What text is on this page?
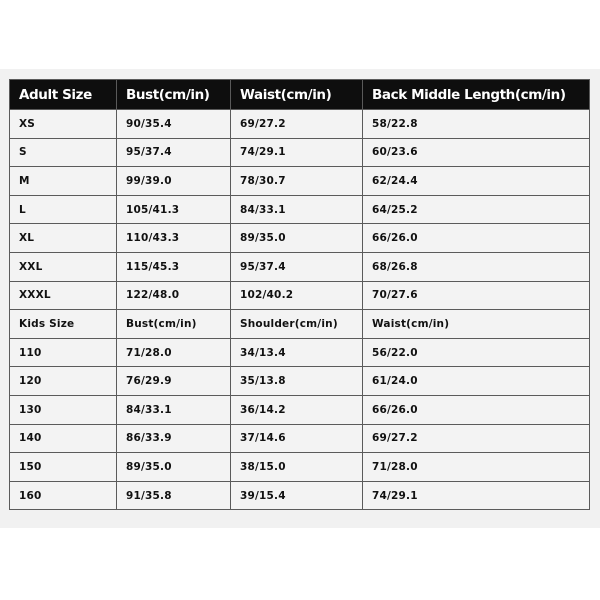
Adult Size	Bust(cm/in)	Waist(cm/in)	Back Middle Length(cm/in)
XS	90/35.4	69/27.2	58/22.8
S	95/37.4	74/29.1	60/23.6
M	99/39.0	78/30.7	62/24.4
L	105/41.3	84/33.1	64/25.2
XL	110/43.3	89/35.0	66/26.0
XXL	115/45.3	95/37.4	68/26.8
XXXL	122/48.0	102/40.2	70/27.6
Kids Size	Bust(cm/in)	Shoulder(cm/in)	Waist(cm/in)
110	71/28.0	34/13.4	56/22.0
120	76/29.9	35/13.8	61/24.0
130	84/33.1	36/14.2	66/26.0
140	86/33.9	37/14.6	69/27.2
150	89/35.0	38/15.0	71/28.0
160	91/35.8	39/15.4	74/29.1
